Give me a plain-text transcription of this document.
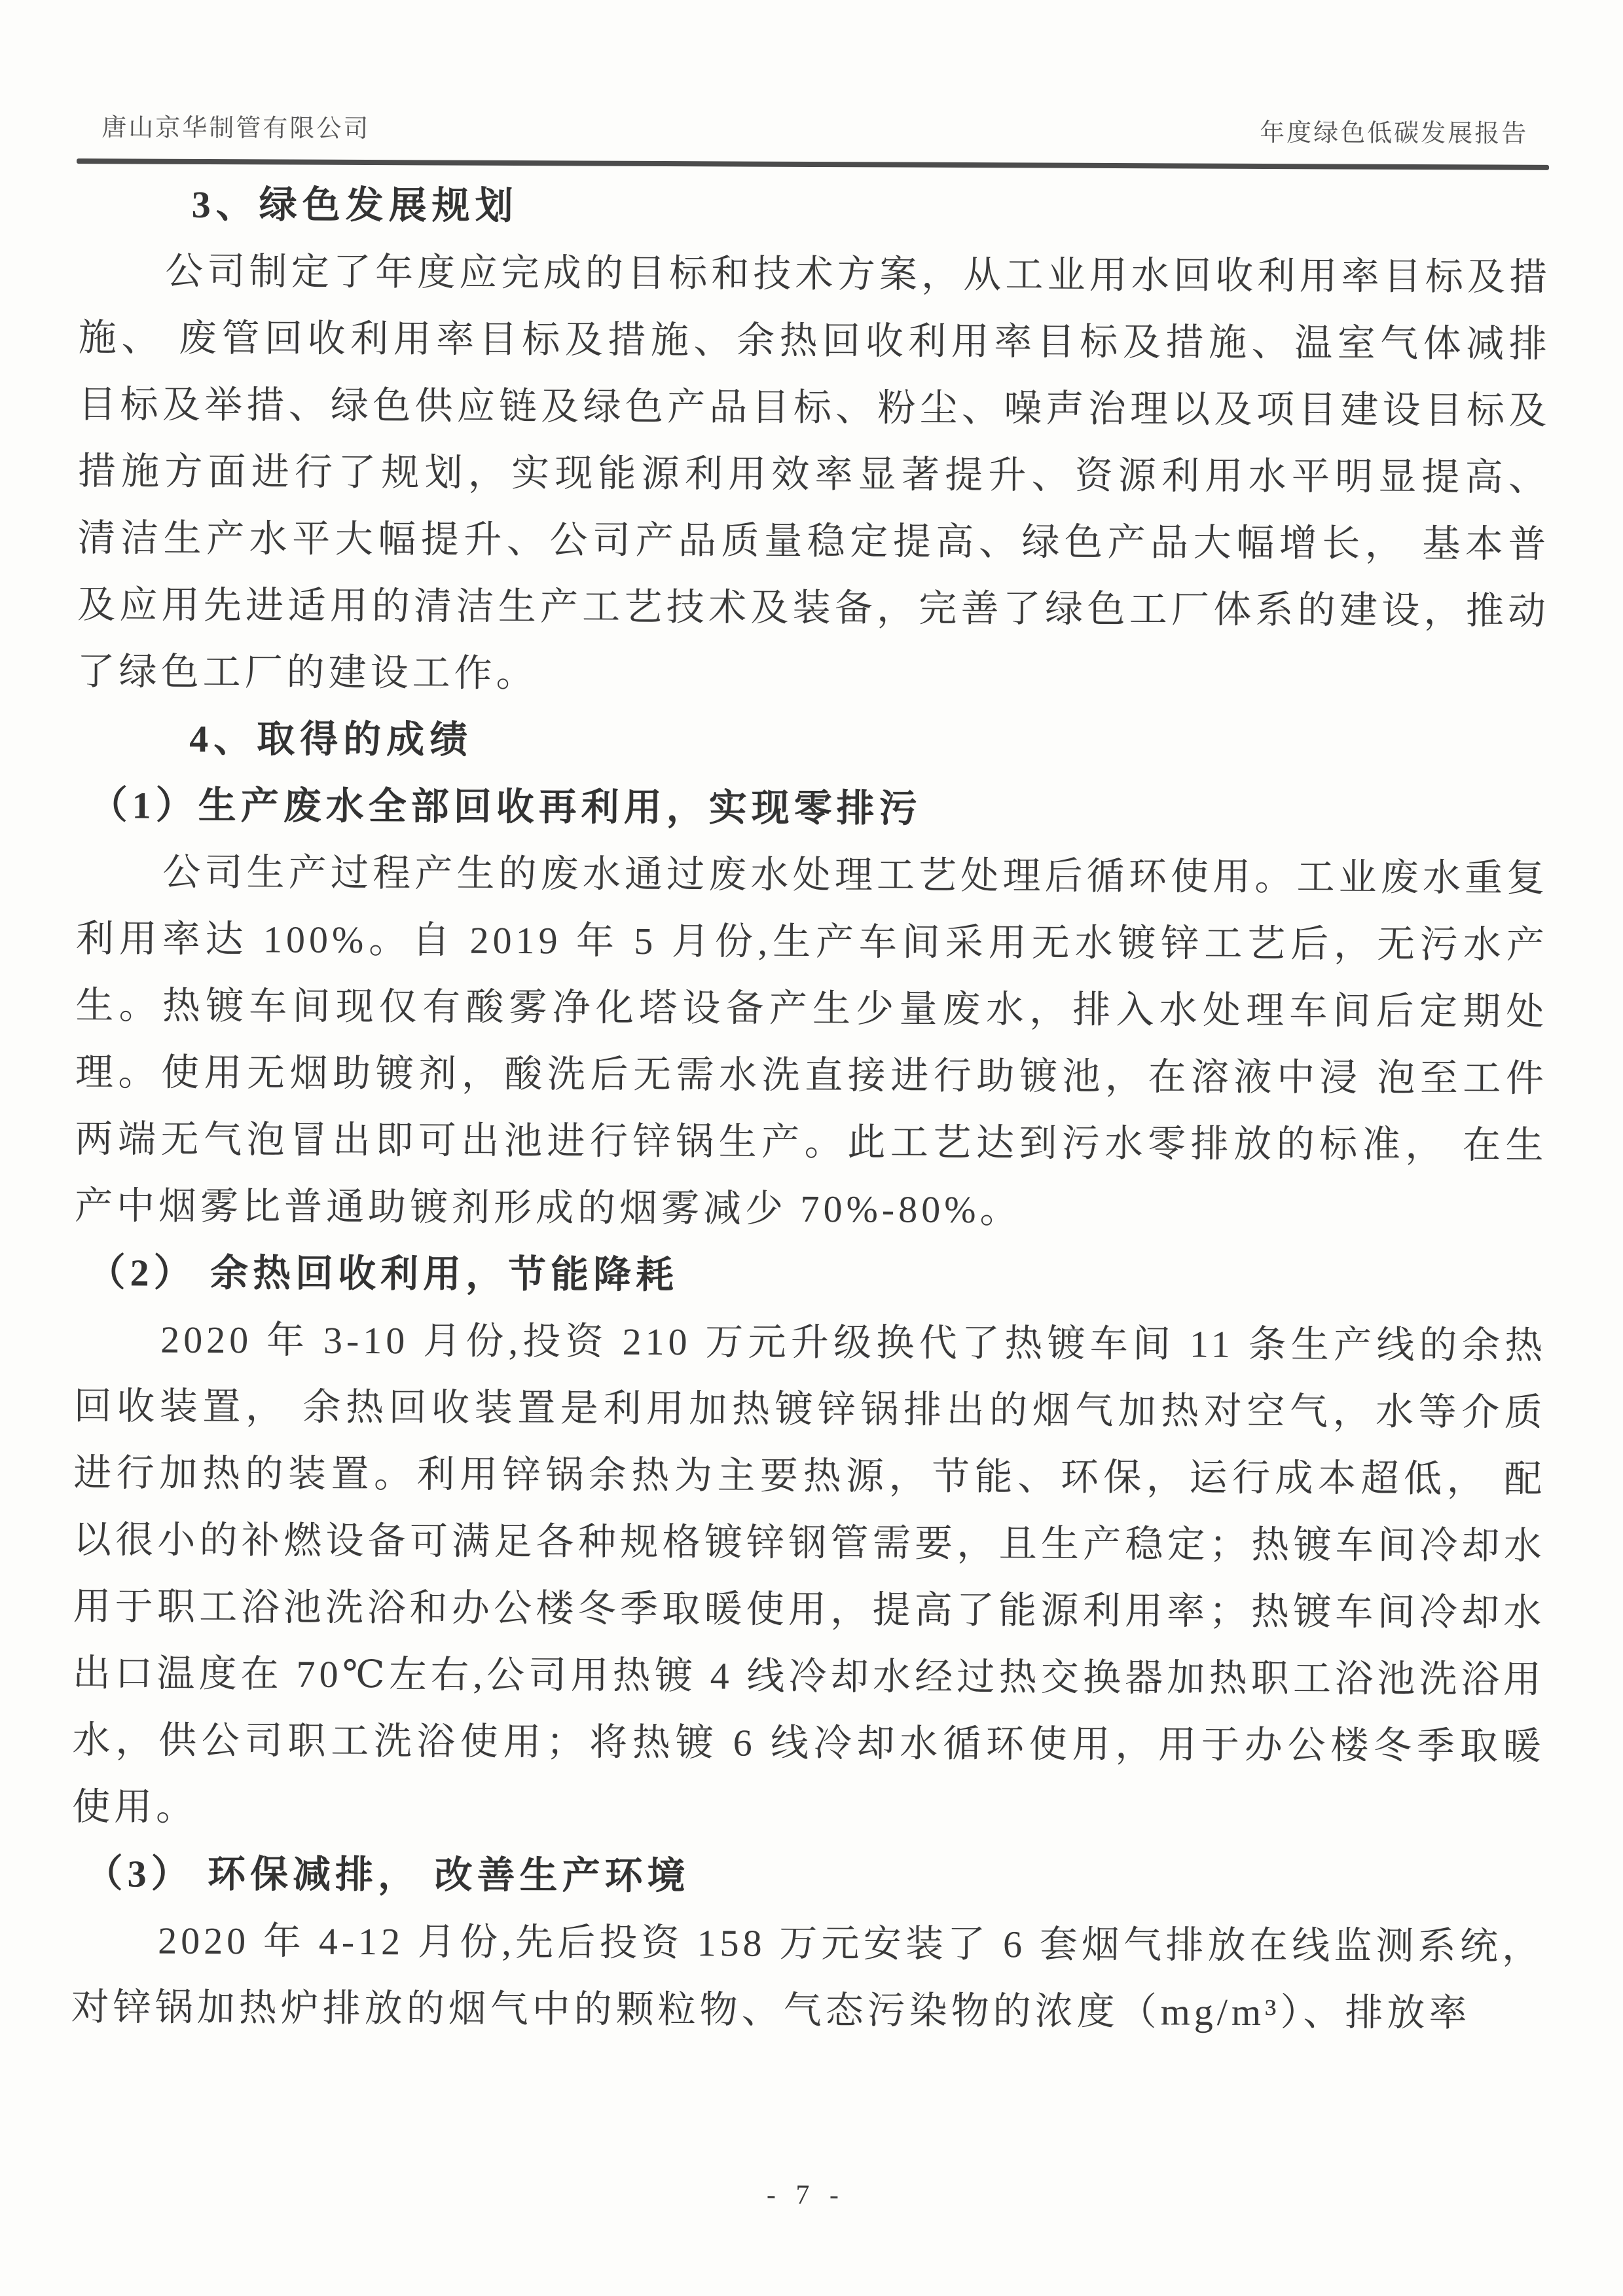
唐山京华制管有限公司	年度绿色低碳发展报告
3、绿色发展规划

公司制定了年度应完成的目标和技术方案，从工业用水回收利用率目标及措施、 废管回收利用率目标及措施、余热回收利用率目标及措施、温室气体减排目标及举措、绿色供应链及绿色产品目标、粉尘、噪声治理以及项目建设目标及措施方面进行了规划，实现能源利用效率显著提升、资源利用水平明显提高、 清洁生产水平大幅提升、公司产品质量稳定提高、绿色产品大幅增长， 基本普及应用先进适用的清洁生产工艺技术及装备，完善了绿色工厂体系的建设，推动了绿色工厂的建设工作。

4、取得的成绩
（1）生产废水全部回收再利用，实现零排污

公司生产过程产生的废水通过废水处理工艺处理后循环使用。工业废水重复利用率达 100%。自 2019 年 5 月份,生产车间采用无水镀锌工艺后，无污水产生。热镀车间现仅有酸雾净化塔设备产生少量废水，排入水处理车间后定期处理。使用无烟助镀剂，酸洗后无需水洗直接进行助镀池，在溶液中浸 泡至工件两端无气泡冒出即可出池进行锌锅生产。此工艺达到污水零排放的标准， 在生产中烟雾比普通助镀剂形成的烟雾减少 70%-80%。

（2） 余热回收利用，节能降耗

2020 年 3-10 月份,投资 210 万元升级换代了热镀车间 11 条生产线的余热回收装置， 余热回收装置是利用加热镀锌锅排出的烟气加热对空气，水等介质进行加热的装置。利用锌锅余热为主要热源，节能、环保，运行成本超低， 配以很小的补燃设备可满足各种规格镀锌钢管需要，且生产稳定；热镀车间冷却水用于职工浴池洗浴和办公楼冬季取暖使用，提高了能源利用率；热镀车间冷却水出口温度在 70℃左右,公司用热镀 4 线冷却水经过热交换器加热职工浴池洗浴用水，供公司职工洗浴使用；将热镀 6 线冷却水循环使用，用于办公楼冬季取暖使用。

（3） 环保减排， 改善生产环境

2020 年 4-12 月份,先后投资 158 万元安装了 6 套烟气排放在线监测系统，对锌锅加热炉排放的烟气中的颗粒物、气态污染物的浓度（mg/m³）、排放率

- 7 -
